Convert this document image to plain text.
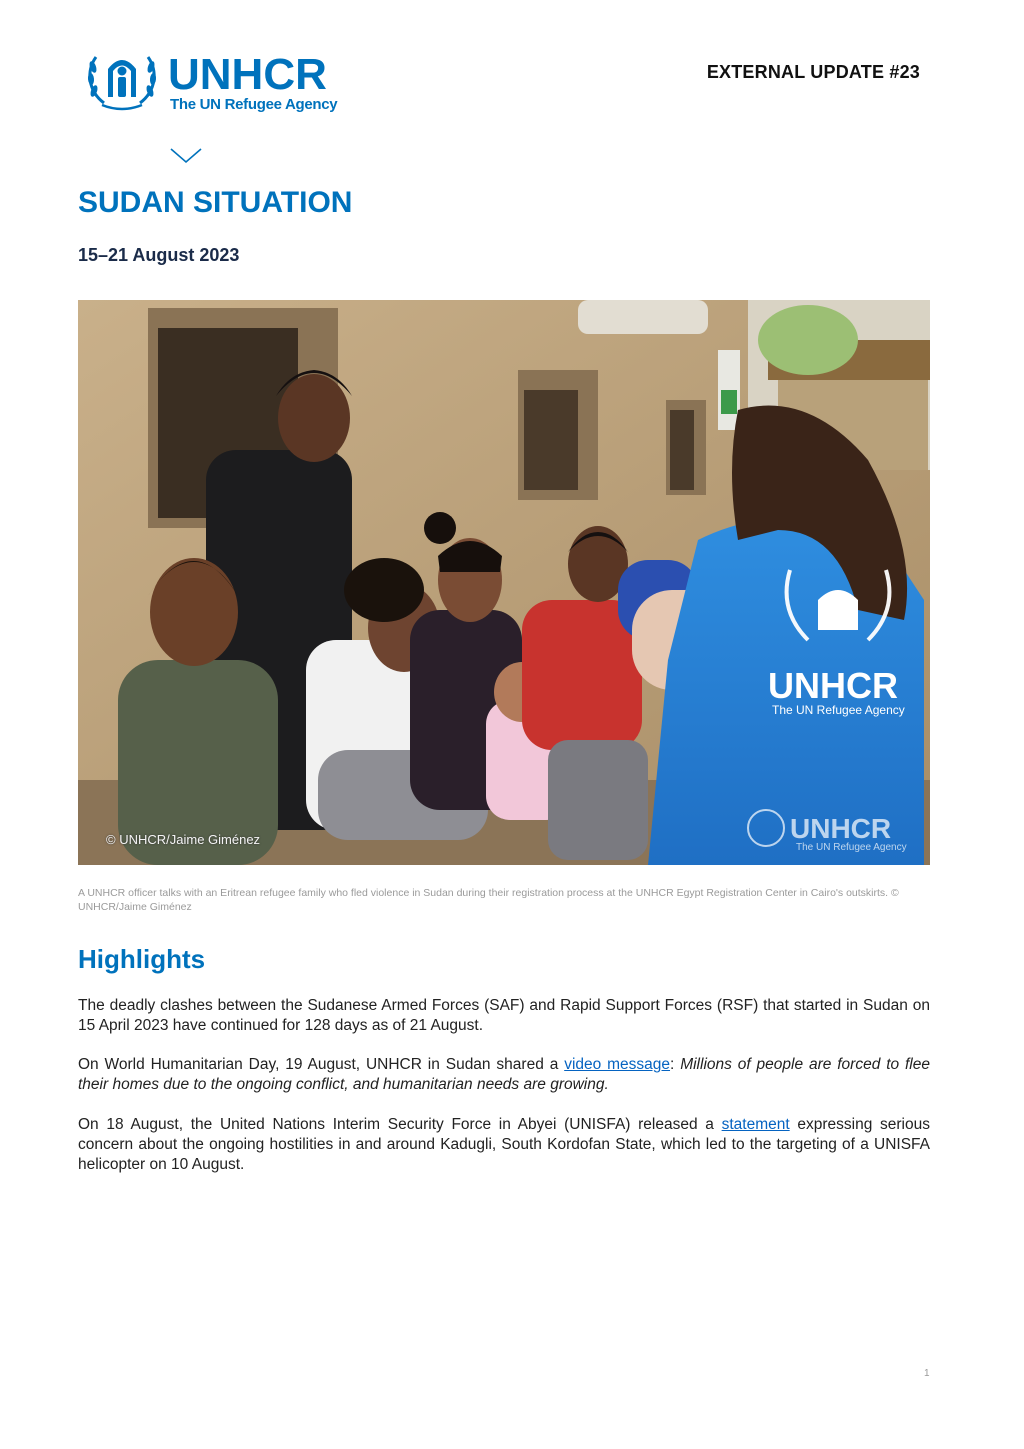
UNHCR
The UN Refugee Agency
EXTERNAL UPDATE #23
SUDAN SITUATION
15–21 August 2023
UNHCR
The UN Refugee Agency
UNHCR
The UN Refugee Agency
© UNHCR/Jaime Giménez
A UNHCR officer talks with an Eritrean refugee family who fled violence in Sudan during their registration process at the UNHCR Egypt Registration Center in Cairo's outskirts. © UNHCR/Jaime Giménez
Highlights

The deadly clashes between the Sudanese Armed Forces (SAF) and Rapid Support Forces (RSF) that started in Sudan on 15 April 2023 have continued for 128 days as of 21 August.

On World Humanitarian Day, 19 August, UNHCR in Sudan shared a video message: Millions of people are forced to flee their homes due to the ongoing conflict, and humanitarian needs are growing.

On 18 August, the United Nations Interim Security Force in Abyei (UNISFA) released a statement expressing serious concern about the ongoing hostilities in and around Kadugli, South Kordofan State, which led to the targeting of a UNISFA helicopter on 10 August.

1
